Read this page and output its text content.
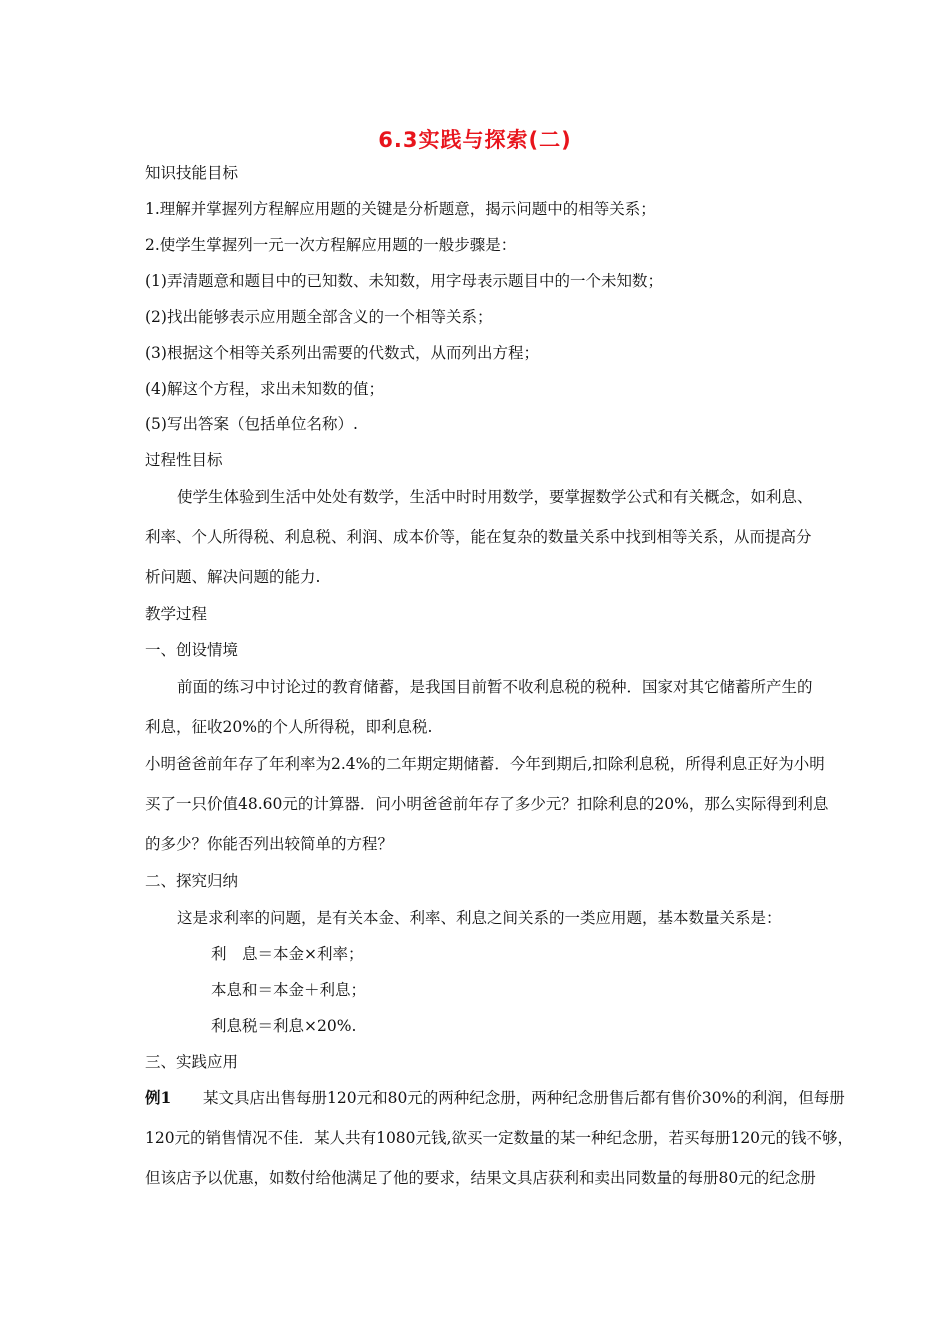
6.3实践与探索(二)
知识技能目标
1.理解并掌握列方程解应用题的关键是分析题意，揭示问题中的相等关系；
2.使学生掌握列一元一次方程解应用题的一般步骤是：
(1)弄清题意和题目中的已知数、未知数，用字母表示题目中的一个未知数；
(2)找出能够表示应用题全部含义的一个相等关系；
(3)根据这个相等关系列出需要的代数式，从而列出方程；
(4)解这个方程，求出未知数的值；
(5)写出答案（包括单位名称）.
过程性目标
使学生体验到生活中处处有数学，生活中时时用数学，要掌握数学公式和有关概念，如利息、
利率、个人所得税、利息税、利润、成本价等，能在复杂的数量关系中找到相等关系，从而提高分
析问题、解决问题的能力.
教学过程
一、创设情境
前面的练习中讨论过的教育储蓄，是我国目前暂不收利息税的税种．国家对其它储蓄所产生的
利息，征收20%的个人所得税，即利息税.
小明爸爸前年存了年利率为2.4%的二年期定期储蓄．今年到期后,扣除利息税，所得利息正好为小明
买了一只价值48.60元的计算器．问小明爸爸前年存了多少元？扣除利息的20%，那么实际得到利息
的多少？你能否列出较简单的方程？
二、探究归纳
这是求利率的问题，是有关本金、利率、利息之间关系的一类应用题，基本数量关系是：
利　息＝本金×利率；
本息和＝本金＋利息；
利息税＝利息×20%.
三、实践应用
例1 某文具店出售每册120元和80元的两种纪念册，两种纪念册售后都有售价30%的利润，但每册
120元的销售情况不佳．某人共有1080元钱,欲买一定数量的某一种纪念册，若买每册120元的钱不够，
但该店予以优惠，如数付给他满足了他的要求，结果文具店获利和卖出同数量的每册80元的纪念册
